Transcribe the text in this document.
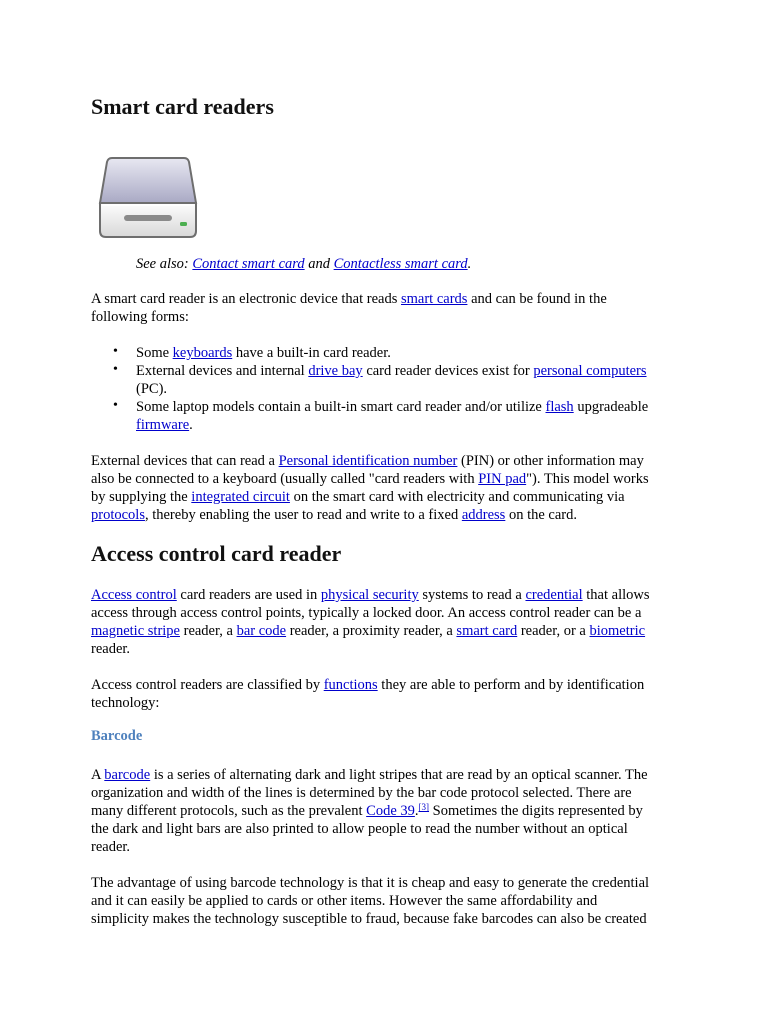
Smart card readers
See also: Contact smart card and Contactless smart card.
A smart card reader is an electronic device that reads smart cards and can be found in the
following forms:
• Some keyboards have a built-in card reader.
• External devices and internal drive bay card reader devices exist for personal computers
(PC).
• Some laptop models contain a built-in smart card reader and/or utilize flash upgradeable
firmware.
External devices that can read a Personal identification number (PIN) or other information may
also be connected to a keyboard (usually called "card readers with PIN pad"). This model works
by supplying the integrated circuit on the smart card with electricity and communicating via
protocols, thereby enabling the user to read and write to a fixed address on the card.
Access control card reader
Access control card readers are used in physical security systems to read a credential that allows
access through access control points, typically a locked door. An access control reader can be a
magnetic stripe reader, a bar code reader, a proximity reader, a smart card reader, or a biometric
reader.
Access control readers are classified by functions they are able to perform and by identification
technology:
Barcode
A barcode is a series of alternating dark and light stripes that are read by an optical scanner. The
organization and width of the lines is determined by the bar code protocol selected. There are
many different protocols, such as the prevalent Code 39.[3] Sometimes the digits represented by
the dark and light bars are also printed to allow people to read the number without an optical
reader.
The advantage of using barcode technology is that it is cheap and easy to generate the credential
and it can easily be applied to cards or other items. However the same affordability and
simplicity makes the technology susceptible to fraud, because fake barcodes can also be created
